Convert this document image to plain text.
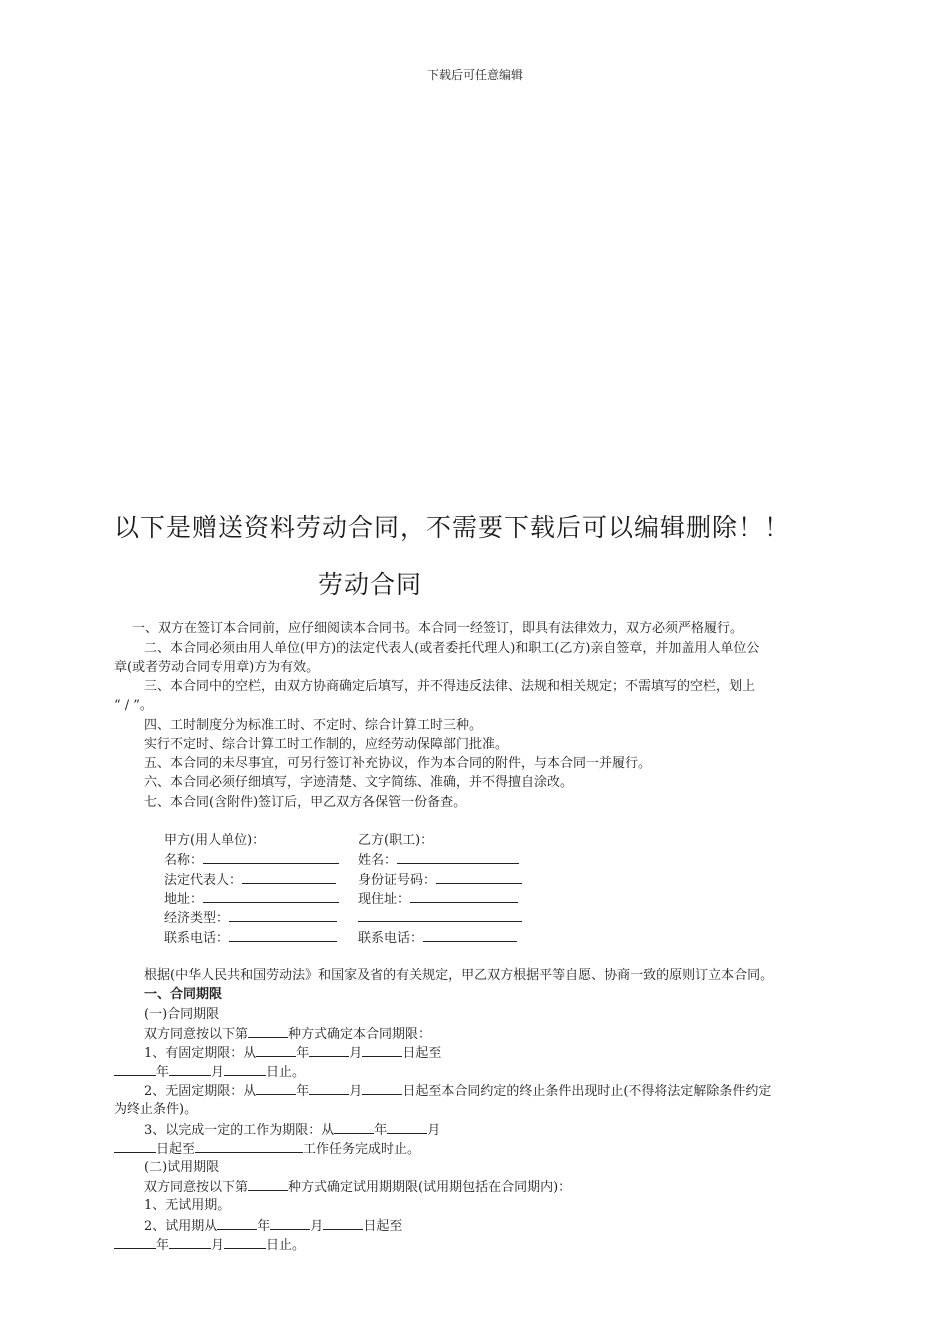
下载后可任意编辑
以下是赠送资料劳动合同，不需要下载后可以编辑删除！！
劳动合同
一、双方在签订本合同前，应仔细阅读本合同书。本合同一经签订，即具有法律效力，双方必须严格履行。
二、本合同必须由用人单位(甲方)的法定代表人(或者委托代理人)和职工(乙方)亲自签章，并加盖用人单位公
章(或者劳动合同专用章)方为有效。
三、本合同中的空栏，由双方协商确定后填写，并不得违反法律、法规和相关规定；不需填写的空栏，划上
“ / ”。
四、工时制度分为标准工时、不定时、综合计算工时三种。
实行不定时、综合计算工时工作制的，应经劳动保障部门批准。
五、本合同的未尽事宜，可另行签订补充协议，作为本合同的附件，与本合同一并履行。
六、本合同必须仔细填写，字迹清楚、文字简练、准确，并不得擅自涂改。
七、本合同(含附件)签订后，甲乙双方各保管一份备查。
甲方(用人单位)：	乙方(职工)：
名称：	姓名：
法定代表人：	身份证号码：
地址：	现住址：
经济类型：
联系电话：	联系电话：
根据(中华人民共和国劳动法》和国家及省的有关规定，甲乙双方根据平等自愿、协商一致的原则订立本合同。
一、合同期限
(一)合同期限
双方同意按以下第	种方式确定本合同期限：
1、有固定期限：从	年	月	日起至
年	月	日止。
2、无固定期限：从	年	月	日起至本合同约定的终止条件出现时止(不得将法定解除条件约定
为终止条件)。
3、以完成一定的工作为期限：从	年	月
日起至	工作任务完成时止。
(二)试用期限
双方同意按以下第	种方式确定试用期期限(试用期包括在合同期内)：
1、无试用期。
2、试用期从	年	月	日起至
年	月	日止。
